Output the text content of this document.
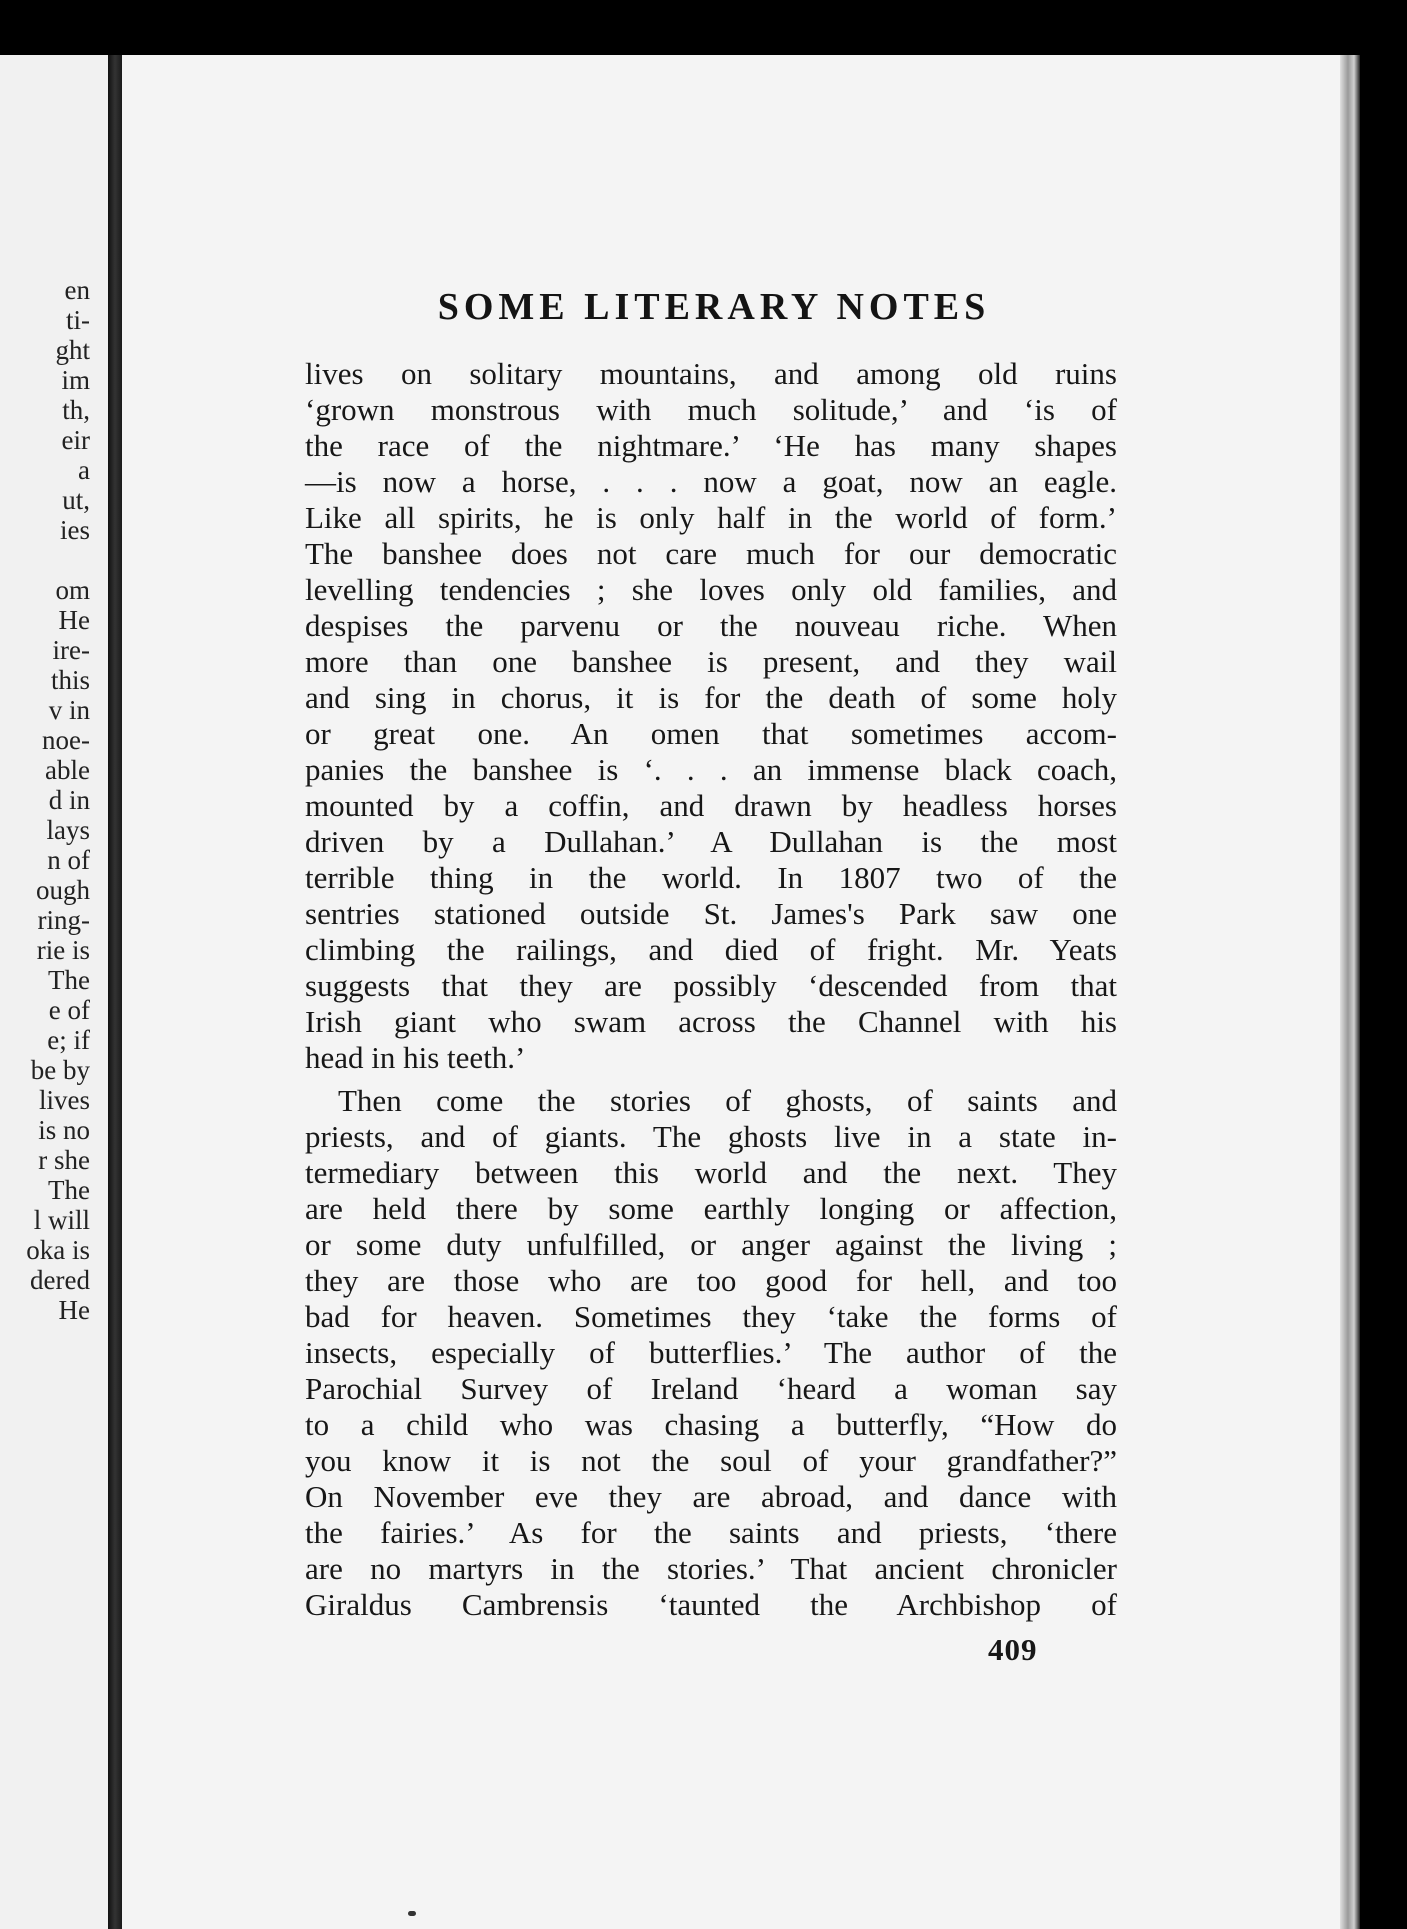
en
ti-
ght
im
th,
eir
a
ut,
ies
om
He
ire-
this
v in
noe-
able
d in
lays
n of
ough
ring-
rie is
The
e of
e; if
be by
lives
is no
r she
The
l will
oka is
dered
He
SOME LITERARY NOTES
lives on solitary mountains, and among old ruins
‘grown monstrous with much solitude,’ and ‘is of
the race of the nightmare.’ ‘He has many shapes
—is now a horse, . . . now a goat, now an eagle.
Like all spirits, he is only half in the world of form.’
The banshee does not care much for our democratic
levelling tendencies ; she loves only old families, and
despises the parvenu or the nouveau riche. When
more than one banshee is present, and they wail
and sing in chorus, it is for the death of some holy
or great one. An omen that sometimes accom-
panies the banshee is ‘. . . an immense black coach,
mounted by a coffin, and drawn by headless horses
driven by a Dullahan.’ A Dullahan is the most
terrible thing in the world. In 1807 two of the
sentries stationed outside St. James's Park saw one
climbing the railings, and died of fright. Mr. Yeats
suggests that they are possibly ‘descended from that
Irish giant who swam across the Channel with his
head in his teeth.’
Then come the stories of ghosts, of saints and
priests, and of giants. The ghosts live in a state in-
termediary between this world and the next. They
are held there by some earthly longing or affection,
or some duty unfulfilled, or anger against the living ;
they are those who are too good for hell, and too
bad for heaven. Sometimes they ‘take the forms of
insects, especially of butterflies.’ The author of the
Parochial Survey of Ireland ‘heard a woman say
to a child who was chasing a butterfly, “How do
you know it is not the soul of your grandfather?”
On November eve they are abroad, and dance with
the fairies.’ As for the saints and priests, ‘there
are no martyrs in the stories.’ That ancient chronicler
Giraldus Cambrensis ‘taunted the Archbishop of
409
